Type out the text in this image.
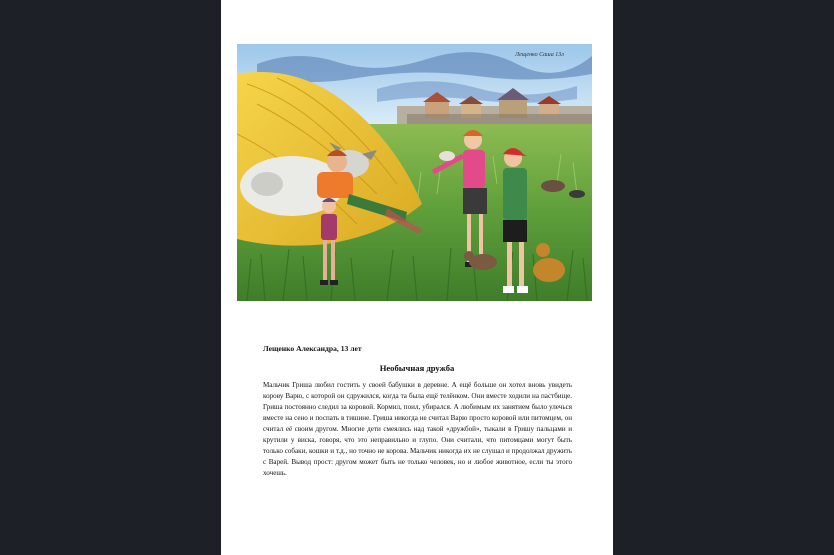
Лещенко Саша 13л
Лещенко Александра, 13 лет
Необычная дружба

Мальчик Гриша любил гостить у своей бабушки в деревне. А ещё больше он хотел вновь увидеть корову Варю, с которой он сдружился, когда та была ещё телёнком. Они вместе ходили на пастбище. Гриша постоянно следил за коровой. Кормил, поил, убирался. А любимым их занятием было улечься вместе на сено и поспать в тишине. Гриша никогда не считал Варю просто коровой или питомцем, он считал её своим другом. Многие дети смеялись над такой «дружбой», тыкали в Гришу пальцами и крутили у виска, говоря, что это неправильно и глупо. Они считали, что питомцами могут быть только собаки, кошки и т.д., но точно не корова. Мальчик никогда их не слушал и продолжал дружить с Варей. Вывод прост: другом может быть не только человек, но и любое животное, если ты этого хочешь.
